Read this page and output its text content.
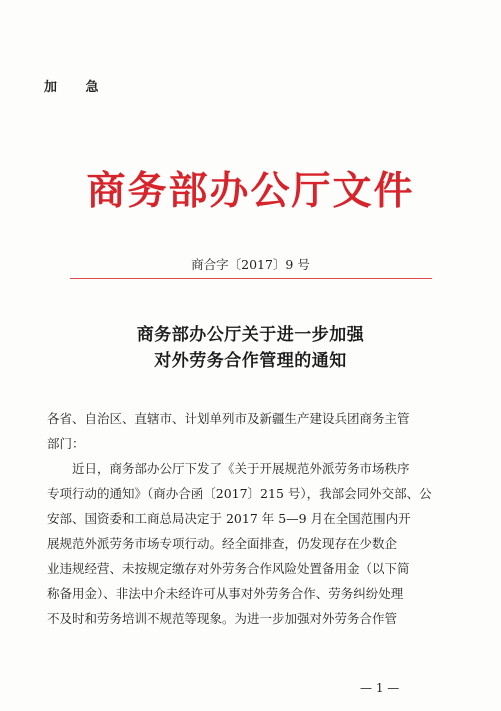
加 急
商务部办公厅文件
商合字〔2017〕9 号
商务部办公厅关于进一步加强
对外劳务合作管理的通知
各省、自治区、直辖市、计划单列市及新疆生产建设兵团商务主管
部门：
　　近日，商务部办公厅下发了《关于开展规范外派劳务市场秩序
专项行动的通知》（商办合函〔2017〕215 号），我部会同外交部、公
安部、国资委和工商总局决定于 2017 年 5—9 月在全国范围内开
展规范外派劳务市场专项行动。经全面排查，仍发现存在少数企
业违规经营、未按规定缴存对外劳务合作风险处置备用金（以下简
称备用金）、非法中介未经许可从事对外劳务合作、劳务纠纷处理
不及时和劳务培训不规范等现象。为进一步加强对外劳务合作管
— 1 —
